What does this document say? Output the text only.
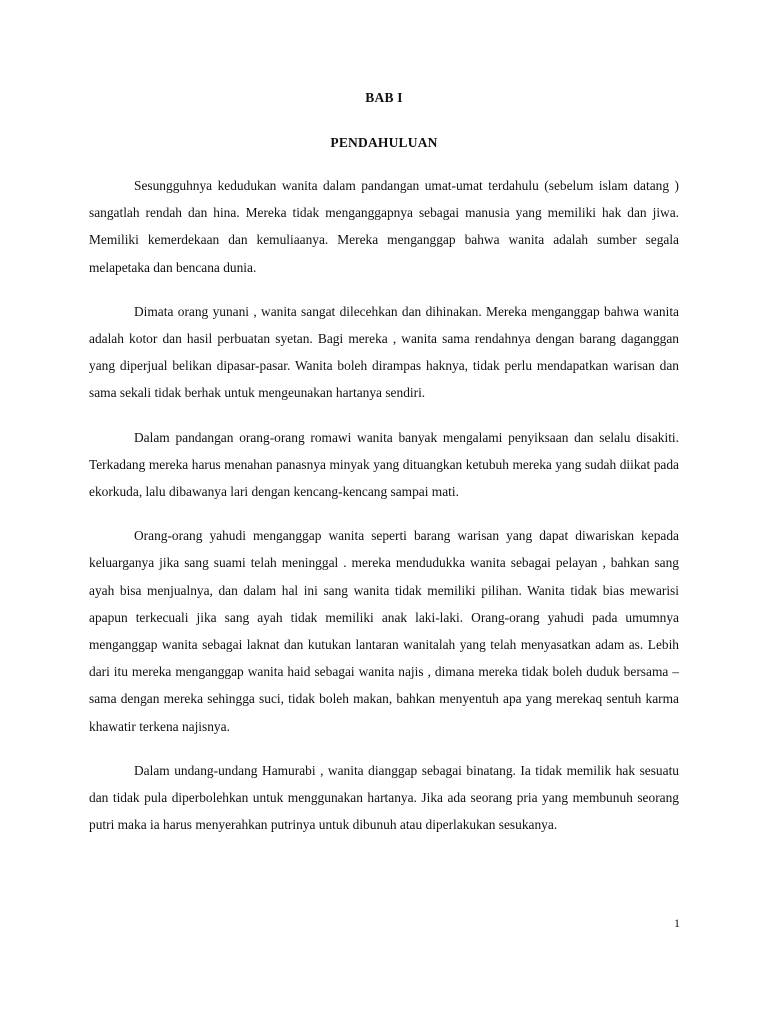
BAB I
PENDAHULUAN

Sesungguhnya kedudukan wanita dalam pandangan umat-umat terdahulu (sebelum islam datang ) sangatlah rendah dan hina. Mereka tidak menganggapnya sebagai manusia yang memiliki hak dan jiwa. Memiliki kemerdekaan dan kemuliaanya. Mereka menganggap bahwa wanita adalah sumber segala melapetaka dan bencana dunia.

Dimata orang yunani , wanita sangat dilecehkan dan dihinakan. Mereka menganggap bahwa wanita adalah kotor dan hasil perbuatan syetan. Bagi mereka , wanita sama rendahnya dengan barang daganggan yang diperjual belikan dipasar-pasar. Wanita boleh dirampas haknya, tidak perlu mendapatkan warisan dan sama sekali tidak berhak untuk mengeunakan hartanya sendiri.

Dalam pandangan orang-orang romawi wanita banyak mengalami penyiksaan dan selalu disakiti. Terkadang mereka harus menahan panasnya minyak yang dituangkan ketubuh mereka yang sudah diikat pada ekorkuda, lalu dibawanya lari dengan kencang-kencang sampai mati.

Orang-orang yahudi menganggap wanita seperti barang warisan yang dapat diwariskan kepada keluarganya jika sang suami telah meninggal . mereka mendudukka wanita sebagai pelayan , bahkan sang ayah bisa menjualnya, dan dalam hal ini sang wanita tidak memiliki pilihan. Wanita tidak bias mewarisi apapun terkecuali jika sang ayah tidak memiliki anak laki-laki. Orang-orang yahudi pada umumnya menganggap wanita sebagai laknat dan kutukan lantaran wanitalah yang telah menyasatkan adam as. Lebih dari itu mereka menganggap wanita haid sebagai wanita najis , dimana mereka tidak boleh duduk bersama –sama dengan mereka sehingga suci, tidak boleh makan, bahkan menyentuh apa yang merekaq sentuh karma khawatir terkena najisnya.

Dalam undang-undang Hamurabi , wanita dianggap sebagai binatang. Ia tidak memilik hak sesuatu dan tidak pula diperbolehkan untuk menggunakan hartanya. Jika ada seorang pria yang membunuh seorang putri maka ia harus menyerahkan putrinya untuk dibunuh atau diperlakukan sesukanya.

1
